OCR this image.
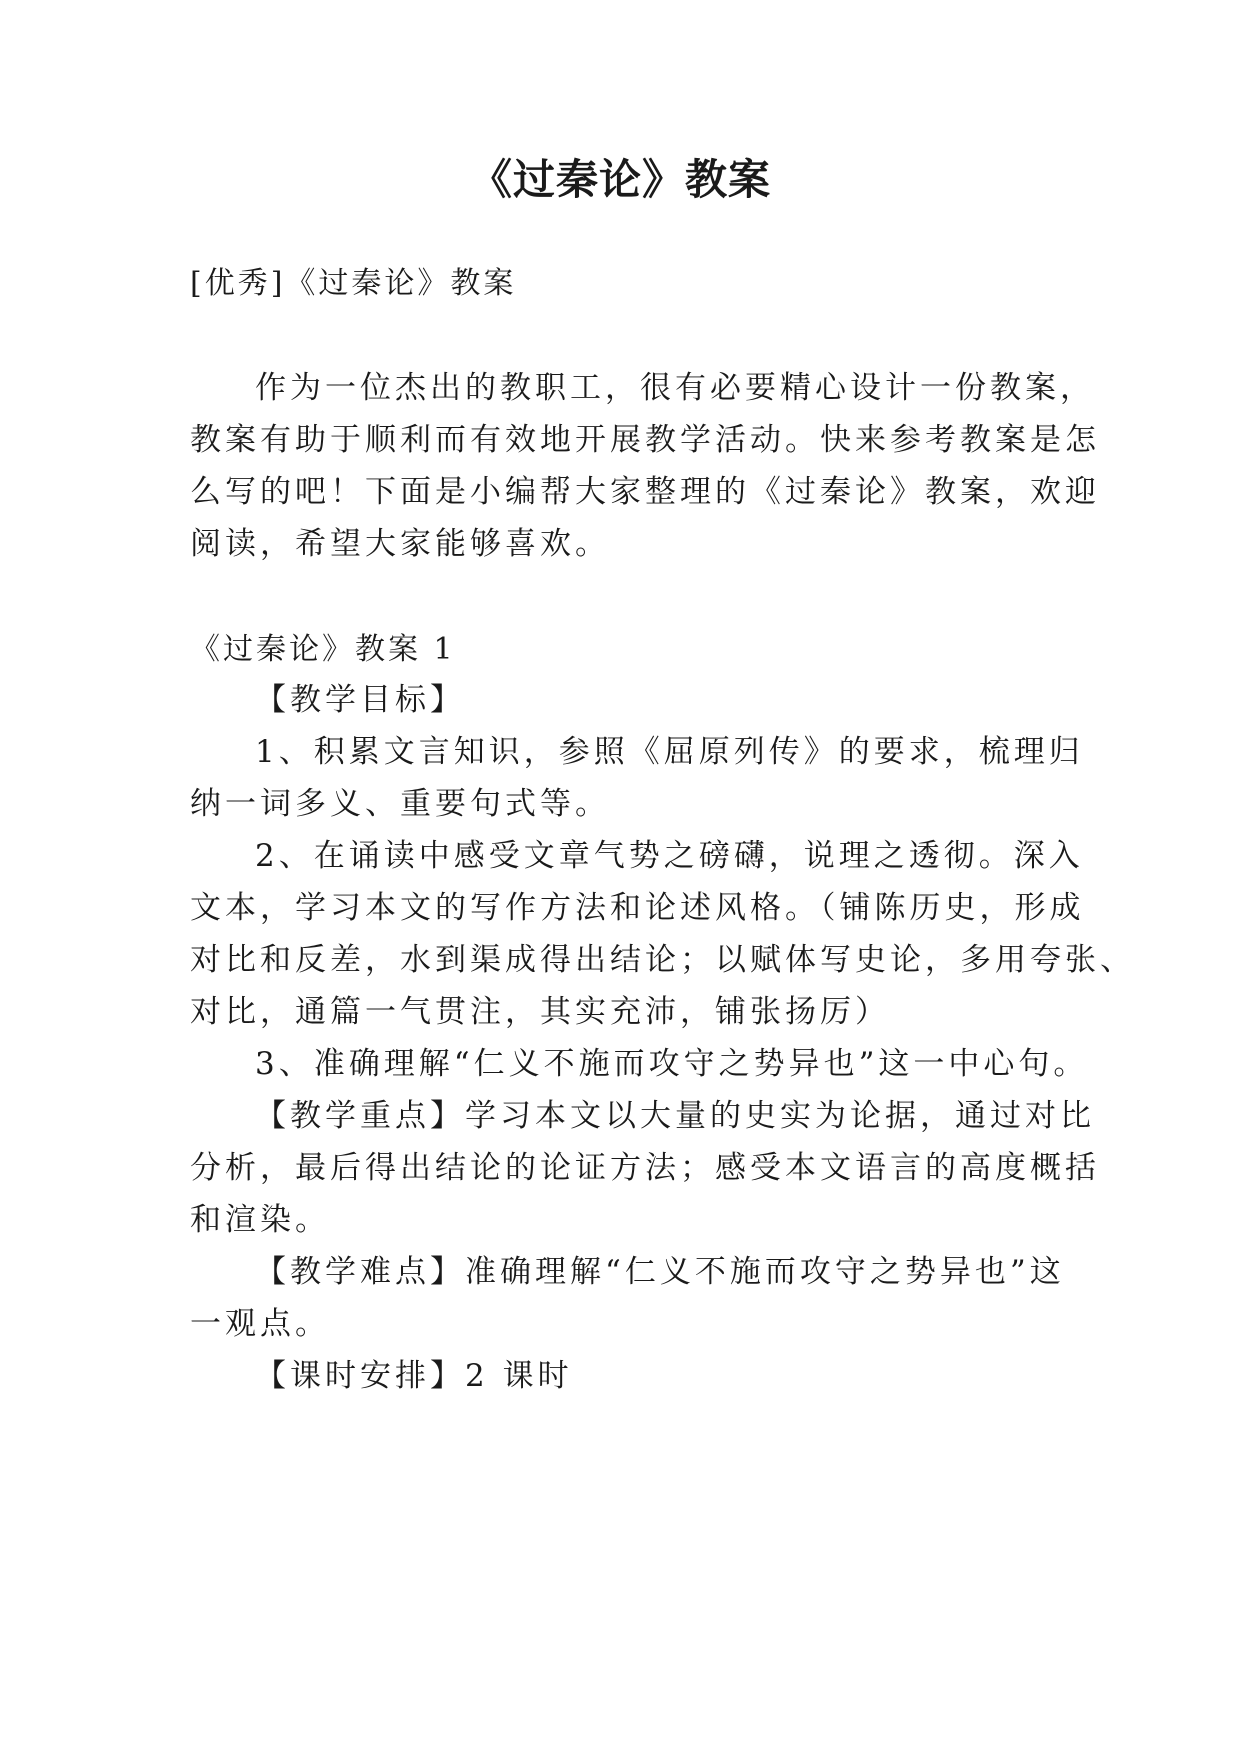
《过秦论》教案
[优秀]《过秦论》教案
作为一位杰出的教职工，很有必要精心设计一份教案，
教案有助于顺利而有效地开展教学活动。快来参考教案是怎
么写的吧！下面是小编帮大家整理的《过秦论》教案，欢迎
阅读，希望大家能够喜欢。
《过秦论》教案 1
【教学目标】
1、积累文言知识，参照《屈原列传》的要求，梳理归
纳一词多义、重要句式等。
2、在诵读中感受文章气势之磅礴，说理之透彻。深入
文本，学习本文的写作方法和论述风格。（铺陈历史，形成
对比和反差，水到渠成得出结论；以赋体写史论，多用夸张、
对比，通篇一气贯注，其实充沛，铺张扬厉）
3、准确理解“仁义不施而攻守之势异也”这一中心句。
【教学重点】学习本文以大量的史实为论据，通过对比
分析，最后得出结论的论证方法；感受本文语言的高度概括
和渲染。
【教学难点】准确理解“仁义不施而攻守之势异也”这
一观点。
【课时安排】2 课时
